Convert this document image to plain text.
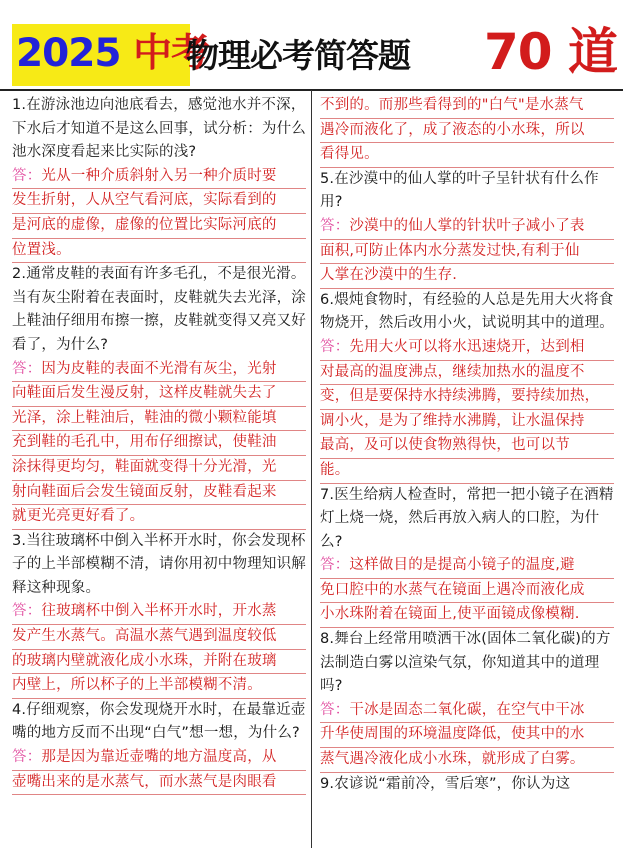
2025 中考
物理必考简答题 70 道
1.在游泳池边向池底看去，感觉池水并不深，下水后才知道不是这么回事，试分析：为什么池水深度看起来比实际的浅?
答：光从一种介质斜射入另一种介质时要
发生折射，人从空气看河底，实际看到的
是河底的虚像，虚像的位置比实际河底的
位置浅。
2.通常皮鞋的表面有许多毛孔，不是很光滑。当有灰尘附着在表面时，皮鞋就失去光泽，涂上鞋油仔细用布擦一擦，皮鞋就变得又亮又好看了，为什么?
答：因为皮鞋的表面不光滑有灰尘，光射
向鞋面后发生漫反射，这样皮鞋就失去了
光泽，涂上鞋油后，鞋油的微小颗粒能填
充到鞋的毛孔中，用布仔细擦试，使鞋油
涂抹得更均匀，鞋面就变得十分光滑，光
射向鞋面后会发生镜面反射，皮鞋看起来
就更光亮更好看了。
3.当往玻璃杯中倒入半杯开水时，你会发现杯子的上半部模糊不清，请你用初中物理知识解释这种现象。
答：往玻璃杯中倒入半杯开水时，开水蒸
发产生水蒸气。高温水蒸气遇到温度较低
的玻璃内壁就液化成小水珠，并附在玻璃
内壁上，所以杯子的上半部模糊不清。
4.仔细观察，你会发现烧开水时，在最靠近壶嘴的地方反而不出现“白气”想一想，为什么?
答：那是因为靠近壶嘴的地方温度高，从
壶嘴出来的是水蒸气，而水蒸气是肉眼看
不到的。而那些看得到的"白气"是水蒸气
遇冷而液化了，成了液态的小水珠，所以
看得见。
5.在沙漠中的仙人掌的叶子呈针状有什么作用?
答：沙漠中的仙人掌的针状叶子减小了表
面积,可防止体内水分蒸发过快,有利于仙
人掌在沙漠中的生存.
6.煨炖食物时，有经验的人总是先用大火将食物烧开，然后改用小火，试说明其中的道理。
答：先用大火可以将水迅速烧开，达到相
对最高的温度沸点，继续加热水的温度不
变，但是要保持水持续沸腾，要持续加热，
调小火，是为了维持水沸腾，让水温保持
最高，及可以使食物熟得快，也可以节
能。
7.医生给病人检查时，常把一把小镜子在酒精灯上烧一烧，然后再放入病人的口腔，为什么?
答：这样做目的是提高小镜子的温度,避
免口腔中的水蒸气在镜面上遇冷而液化成
小水珠附着在镜面上,使平面镜成像模糊.
8.舞台上经常用喷洒干冰(固体二氧化碳)的方法制造白雾以渲染气氛，你知道其中的道理吗?
答：干冰是固态二氧化碳，在空气中干冰
升华使周围的环境温度降低，使其中的水
蒸气遇冷液化成小水珠，就形成了白雾。
9.农谚说“霜前冷，雪后寒”，你认为这
